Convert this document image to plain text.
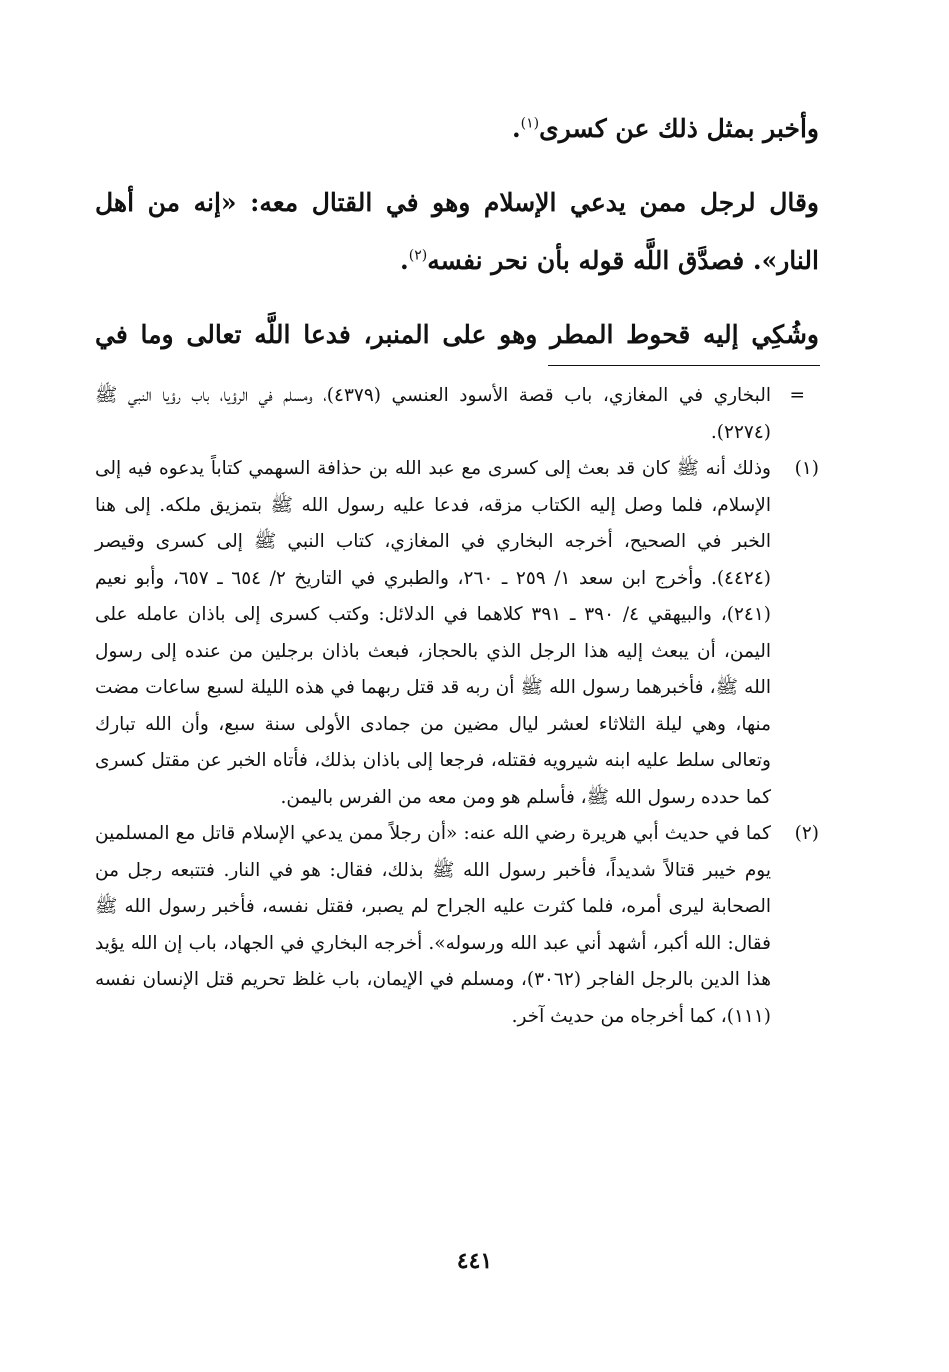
وأخبر بمثل ذلك عن كسرى$^{(١)}$.

وقال لرجل ممن يدعي الإسلام وهو في القتال معه: «إنه من أهل النار». فصدَّق اللَّه قوله بأن نحر نفسه$^{(٢)}$.

وشُكِي إليه قحوط المطر وهو على المنبر، فدعا اللَّه تعالى وما في

=
البخاري في المغازي، باب قصة الأسود العنسي (٤٣٧٩)، ومسلم في الرؤيا، باب رؤيا النبي ﷺ (٢٢٧٤).
(١)
وذلك أنه ﷺ كان قد بعث إلى كسرى مع عبد الله بن حذافة السهمي كتاباً يدعوه فيه إلى الإسلام، فلما وصل إليه الكتاب مزقه، فدعا عليه رسول الله ﷺ بتمزيق ملكه. إلى هنا الخبر في الصحيح، أخرجه البخاري في المغازي، كتاب النبي ﷺ إلى كسرى وقيصر (٤٤٢٤). وأخرج ابن سعد ١/ ٢٥٩ ـ ٢٦٠، والطبري في التاريخ ٢/ ٦٥٤ ـ ٦٥٧، وأبو نعيم (٢٤١)، والبيهقي ٤/ ٣٩٠ ـ ٣٩١ كلاهما في الدلائل: وكتب كسرى إلى باذان عامله على اليمن، أن يبعث إليه هذا الرجل الذي بالحجاز، فبعث باذان برجلين من عنده إلى رسول الله ﷺ، فأخبرهما رسول الله ﷺ أن ربه قد قتل ربهما في هذه الليلة لسبع ساعات مضت منها، وهي ليلة الثلاثاء لعشر ليال مضين من جمادى الأولى سنة سبع، وأن الله تبارك وتعالى سلط عليه ابنه شيرويه فقتله، فرجعا إلى باذان بذلك، فأتاه الخبر عن مقتل كسرى كما حدده رسول الله ﷺ، فأسلم هو ومن معه من الفرس باليمن.
(٢)
كما في حديث أبي هريرة رضي الله عنه: «أن رجلاً ممن يدعي الإسلام قاتل مع المسلمين يوم خيبر قتالاً شديداً، فأخبر رسول الله ﷺ بذلك، فقال: هو في النار. فتتبعه رجل من الصحابة ليرى أمره، فلما كثرت عليه الجراح لم يصبر، فقتل نفسه، فأخبر رسول الله ﷺ فقال: الله أكبر، أشهد أني عبد الله ورسوله». أخرجه البخاري في الجهاد، باب إن الله يؤيد هذا الدين بالرجل الفاجر (٣٠٦٢)، ومسلم في الإيمان، باب غلظ تحريم قتل الإنسان نفسه (١١١)، كما أخرجاه من حديث آخر.
٤٤١
